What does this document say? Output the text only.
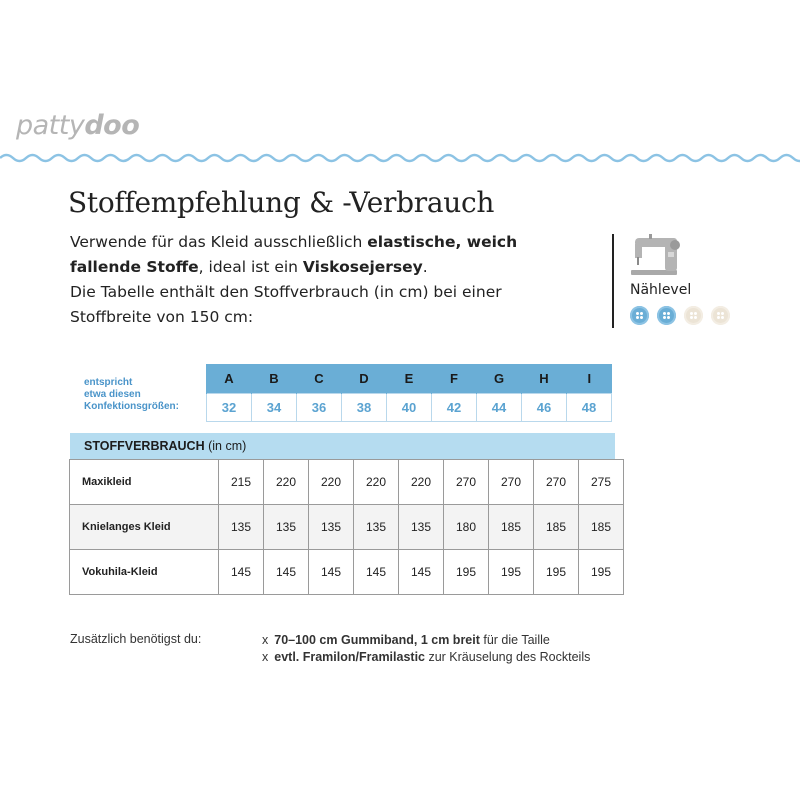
pattydoo
Stoffempfehlung & -Verbrauch

Verwende für das Kleid ausschließlich elastische, weich

fallende Stoffe, ideal ist ein Viskosejersey.

Die Tabelle enthält den Stoffverbrauch (in cm) bei einer

Stoffbreite von 150 cm:

Nählevel
entspricht
etwa diesen
Konfektionsgrößen:
A	B	C	D	E	F	G	H	I
32	34	36	38	40	42	44	46	48
STOFFVERBRAUCH (in cm)
Maxikleid	215	220	220	220	220	270	270	270	275
Knielanges Kleid	135	135	135	135	135	180	185	185	185
Vokuhila-Kleid	145	145	145	145	145	195	195	195	195
Zusätzlich benötigst du:	x 70–100 cm Gummiband, 1 cm breit für die Taille
x evtl. Framilon/Framilastic zur Kräuselung des Rockteils
